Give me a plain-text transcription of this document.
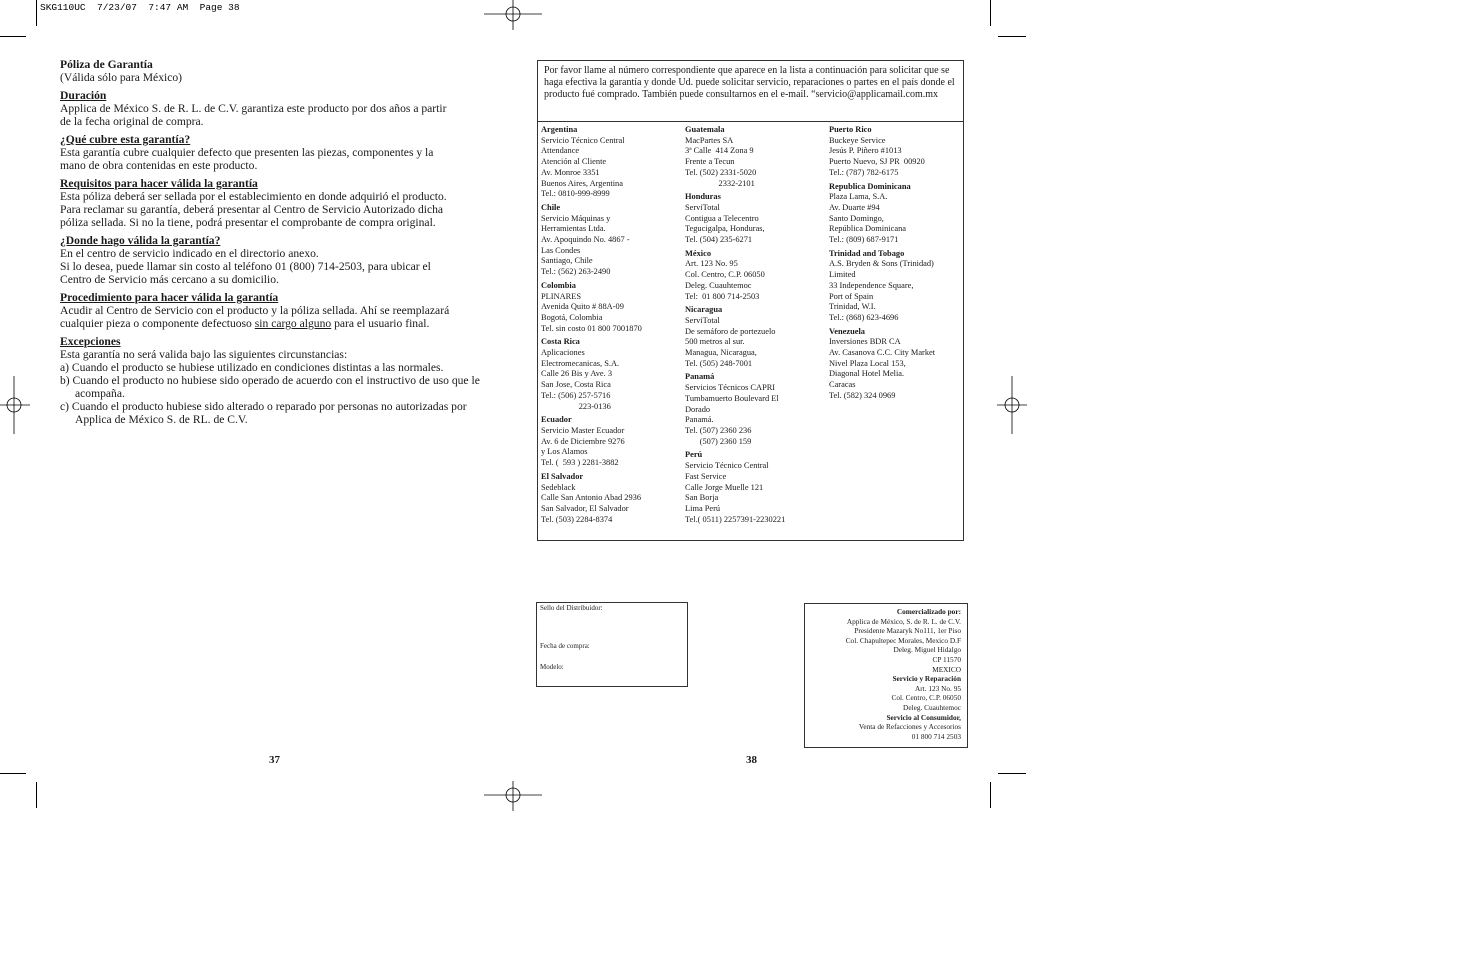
SKG110UC  7/23/07  7:47 AM  Page 38
Póliza de Garantía
(Válida sólo para México)
Duración
Applica de México S. de R. L. de C.V. garantiza este producto por dos años a partir
de la fecha original de compra.
¿Qué cubre esta garantía?
Esta garantía cubre cualquier defecto que presenten las piezas, componentes y la
mano de obra contenidas en este producto.
Requisitos para hacer válida la garantía
Esta póliza deberá ser sellada por el establecimiento en donde adquirió el producto.
Para reclamar su garantía, deberá presentar al Centro de Servicio Autorizado dicha
póliza sellada. Si no la tiene, podrá presentar el comprobante de compra original.
¿Donde hago válida la garantía?
En el centro de servicio indicado en el directorio anexo.
Si lo desea, puede llamar sin costo al teléfono 01 (800) 714-2503, para ubicar el
Centro de Servicio más cercano a su domicilio.
Procedimiento para hacer válida la garantía
Acudir al Centro de Servicio con el producto y la póliza sellada. Ahí se reemplazará
cualquier pieza o componente defectuoso sin cargo alguno para el usuario final.
Excepciones
Esta garantía no será valida bajo las siguientes circunstancias:
a) Cuando el producto se hubiese utilizado en condiciones distintas a las normales.
b) Cuando el producto no hubiese sido operado de acuerdo con el instructivo de uso que le acompaña.
c) Cuando el producto hubiese sido alterado o reparado por personas no autorizadas por Applica de México S. de RL. de C.V.
37
Por favor llame al número correspondiente que aparece en la lista a continuación para solicitar que se haga efectiva la garantía y donde Ud. puede solicitar servicio, reparaciones o partes en el país donde el producto fué comprado. También puede consultarnos en el e-mail. “servicio@applicamail.com.mx
Argentina
Servicio Técnico Central
Attendance
Atención al Cliente
Av. Monroe 3351
Buenos Aires, Argentina
Tel.: 0810-999-8999
Chile
Servicio Máquinas y
Herramientas Ltda.
Av. Apoquindo No. 4867 -
Las Condes
Santiago, Chile
Tel.: (562) 263-2490
Colombia
PLINARES
Avenida Quito # 88A-09
Bogotá, Colombia
Tel. sin costo 01 800 7001870
Costa Rica
Aplicaciones
Electromecanicas, S.A.
Calle 26 Bis y Ave. 3
San Jose, Costa Rica
Tel.: (506) 257-5716
223-0136
Ecuador
Servicio Master Ecuador
Av. 6 de Diciembre 9276
y Los Alamos
Tel. (  593 ) 2281-3882
El Salvador
Sedeblack
Calle San Antonio Abad 2936
San Salvador, El Salvador
Tel. (503) 2284-8374
Guatemala
MacPartes SA
3ª Calle  414 Zona 9
Frente a Tecun
Tel. (502) 2331-5020
2332-2101
Honduras
ServiTotal
Contigua a Telecentro
Tegucigalpa, Honduras,
Tel. (504) 235-6271
México
Art. 123 No. 95
Col. Centro, C.P. 06050
Deleg. Cuauhtemoc
Tel:  01 800 714-2503
Nicaragua
ServiTotal
De semáforo de portezuelo
500 metros al sur.
Managua, Nicaragua,
Tel. (505) 248-7001
Panamá
Servicios Técnicos CAPRI
Tumbamuerto Boulevard El
Dorado
Panamá.
Tel. (507) 2360 236
(507) 2360 159
Perú
Servicio Técnico Central
Fast Service
Calle Jorge Muelle 121
San Borja
Lima Perú
Tel.( 0511) 2257391-2230221
Puerto Rico
Buckeye Service
Jesús P. Piñero #1013
Puerto Nuevo, SJ PR  00920
Tel.: (787) 782-6175
Republica Dominicana
Plaza Lama, S.A.
Av. Duarte #94
Santo Domingo,
República Dominicana
Tel.: (809) 687-9171
Trinidad and Tobago
A.S. Bryden & Sons (Trinidad)
Limited
33 Independence Square,
Port of Spain
Trinidad, W.I.
Tel.: (868) 623-4696
Venezuela
Inversiones BDR CA
Av. Casanova C.C. City Market
Nivel Plaza Local 153,
Diagonal Hotel Melia.
Caracas
Tel. (582) 324 0969
Sello del Distribuidor:
Fecha de compra:
Modelo:
Comercializado por:
Applica de México, S. de R. L. de C.V.
Presidente Mazaryk No111, 1er Piso
Col. Chapultepec Morales, Mexico D.F
Deleg. Miguel Hidalgo
CP 11570
MEXICO
Servicio y Reparación
Art. 123 No. 95
Col. Centro, C.P. 06050
Deleg. Cuauhtemoc
Servicio al Consumidor,
Venta de Refacciones y Accesorios
01 800 714 2503
38
